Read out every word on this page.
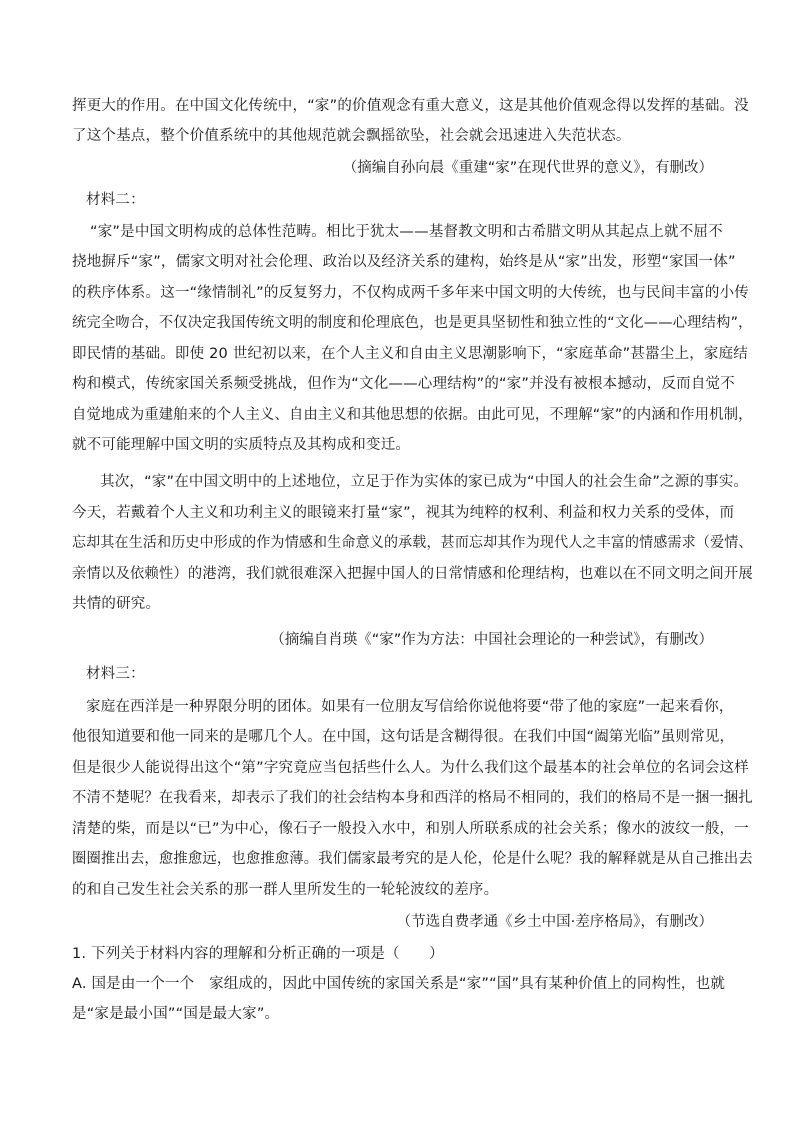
挥更大的作用。在中国文化传统中，“家”的价值观念有重大意义，这是其他价值观念得以发挥的基础。没
了这个基点，整个价值系统中的其他规范就会飘摇欲坠，社会就会迅速进入失范状态。
（摘编自孙向晨《重建“家”在现代世界的意义》，有删改）
材料二：
“家”是中国文明构成的总体性范畴。相比于犹太——基督教文明和古希腊文明从其起点上就不屈不
挠地摒斥“家”，儒家文明对社会伦理、政治以及经济关系的建构，始终是从“家”出发，形塑“家国一体”
的秩序体系。这一“缘情制礼”的反复努力，不仅构成两千多年来中国文明的大传统，也与民间丰富的小传
统完全吻合，不仅决定我国传统文明的制度和伦理底色，也是更具坚韧性和独立性的“文化——心理结构”，
即民情的基础。即使 20 世纪初以来，在个人主义和自由主义思潮影响下，“家庭革命”甚嚣尘上，家庭结
构和模式，传统家国关系频受挑战，但作为“文化——心理结构”的“家”并没有被根本撼动，反而自觉不
自觉地成为重建舶来的个人主义、自由主义和其他思想的依据。由此可见，不理解“家”的内涵和作用机制，
就不可能理解中国文明的实质特点及其构成和变迁。
其次，“家”在中国文明中的上述地位，立足于作为实体的家已成为“中国人的社会生命”之源的事实。
今天，若戴着个人主义和功利主义的眼镜来打量“家”，视其为纯粹的权利、利益和权力关系的受体，而
忘却其在生活和历史中形成的作为情感和生命意义的承载，甚而忘却其作为现代人之丰富的情感需求（爱情、
亲情以及依赖性）的港湾，我们就很难深入把握中国人的日常情感和伦理结构，也难以在不同文明之间开展
共情的研究。
（摘编自肖瑛《“家”作为方法：中国社会理论的一种尝试》，有删改）
材料三：
家庭在西洋是一种界限分明的团体。如果有一位朋友写信给你说他将要“带了他的家庭”一起来看你，
他很知道要和他一同来的是哪几个人。在中国，这句话是含糊得很。在我们中国“阖第光临”虽则常见，
但是很少人能说得出这个“第”字究竟应当包括些什么人。为什么我们这个最基本的社会单位的名词会这样
不清不楚呢？在我看来，却表示了我们的社会结构本身和西洋的格局不相同的，我们的格局不是一捆一捆扎
清楚的柴，而是以“已”为中心，像石子一般投入水中，和别人所联系成的社会关系；像水的波纹一般，一
圈圈推出去，愈推愈远，也愈推愈薄。我们儒家最考究的是人伦，伦是什么呢？我的解释就是从自己推出去
的和自己发生社会关系的那一群人里所发生的一轮轮波纹的差序。
（节选自费孝通《乡土中国·差序格局》，有删改）
1. 下列关于材料内容的理解和分析正确的一项是（　　）
A. 国是由一个一个　家组成的，因此中国传统的家国关系是“家”“国”具有某种价值上的同构性，也就
是“家是最小国”“国是最大家”。
